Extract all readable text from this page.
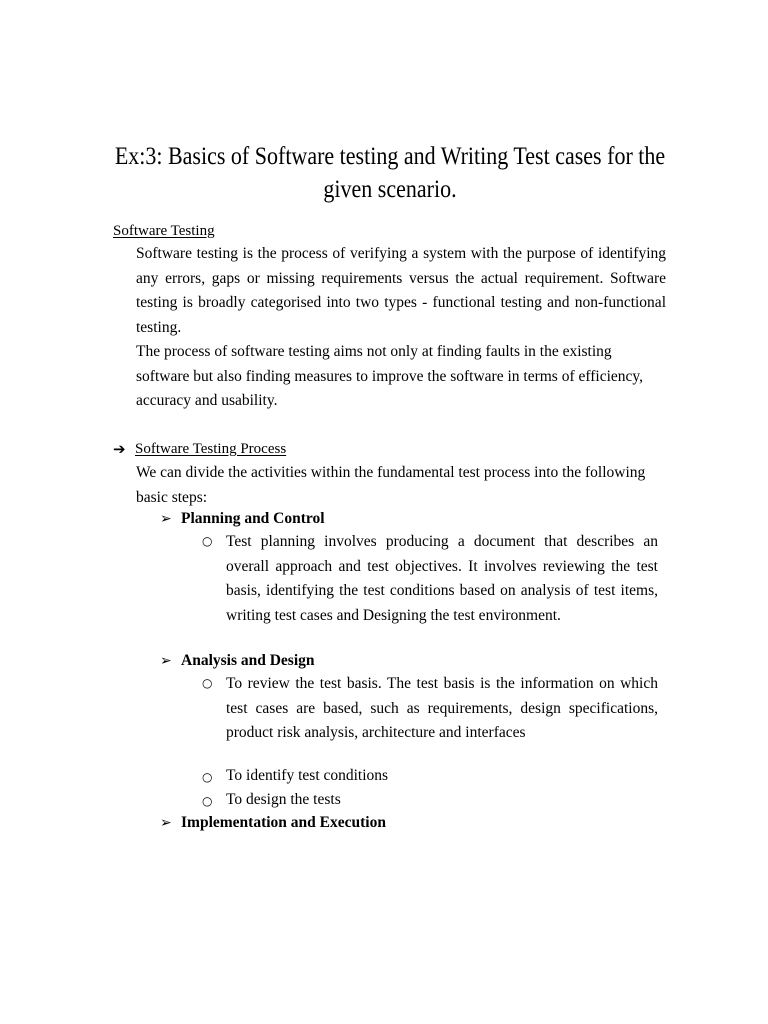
Ex:3: Basics of Software testing and Writing Test cases for the given scenario.
Software Testing

Software testing is the process of verifying a system with the purpose of identifying any errors, gaps or missing requirements versus the actual requirement. Software testing is broadly categorised into two types - functional testing and non-functional testing.

The process of software testing aims not only at finding faults in the existing software but also finding measures to improve the software in terms of efficiency, accuracy and usability.

➔ Software Testing Process

We can divide the activities within the fundamental test process into the following basic steps:

➢ Planning and Control
○ Test planning involves producing a document that describes an overall approach and test objectives. It involves reviewing the test basis, identifying the test conditions based on analysis of test items, writing test cases and Designing the test environment.

➢ Analysis and Design
○ To review the test basis. The test basis is the information on which test cases are based, such as requirements, design specifications, product risk analysis, architecture and interfaces

○ To identify test conditions

○ To design the tests

➢ Implementation and Execution
